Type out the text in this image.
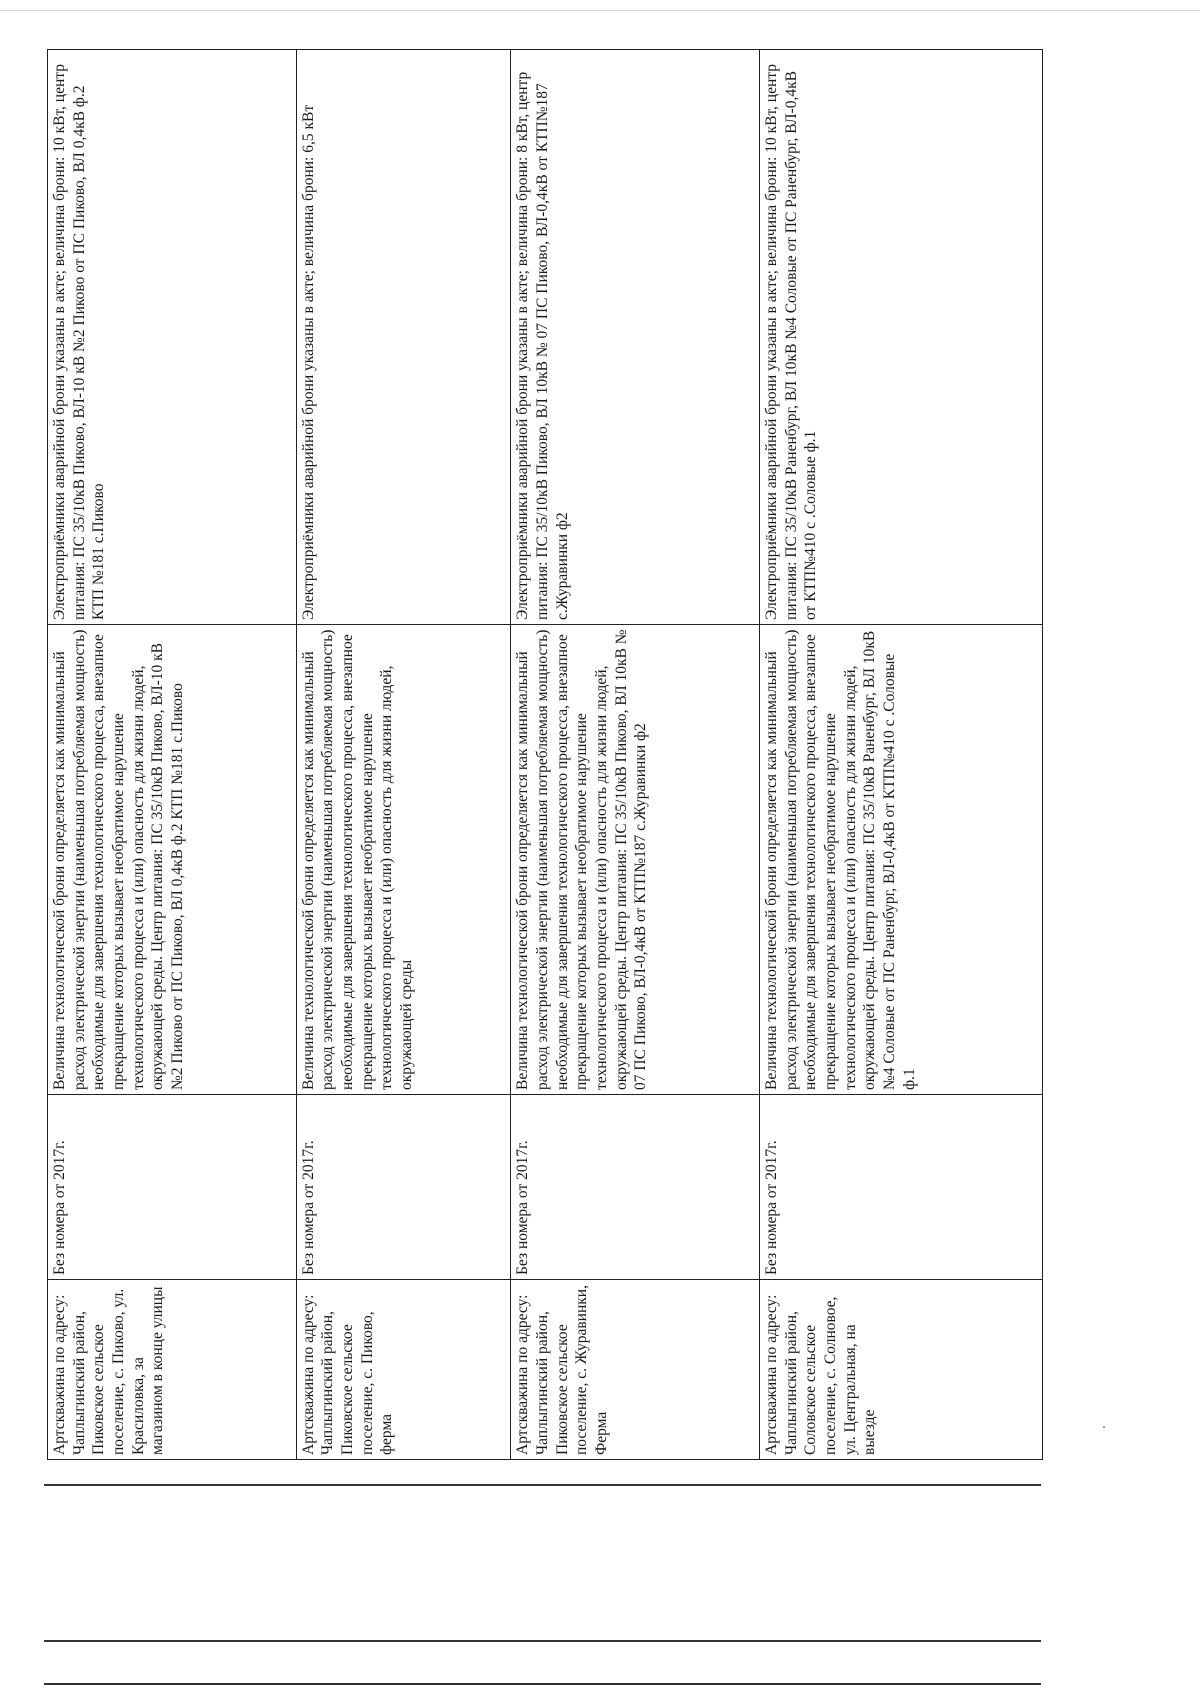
Артскважина по адресу: Чаплыгинский район, Пиковское сельское поселение, с. Пиково, ул. Красиловка, за магазином в конце улицы	Без номера от 2017г.	Величина технологической брони определяется как минимальный расход электрической энергии (наименьшая потребляемая мощность) необходимые для завершения технологического процесса, внезапное прекращение которых вызывает необратимое нарушение технологического процесса и (или) опасность для жизни людей, окружающей среды. Центр питания: ПС 35/10кВ Пиково, ВЛ-10 кВ №2 Пиково от ПС Пиково, ВЛ 0,4кВ ф.2 КТП №181 с.Пиково	Электроприёмники аварийной брони указаны в акте; величина брони: 10 кВт, центр питания: ПС 35/10кВ Пиково, ВЛ-10 кВ №2 Пиково от ПС Пиково, ВЛ 0,4кВ ф.2 КТП №181 с.Пиково
Артскважина по адресу: Чаплыгинский район, Пиковское сельское поселение, с. Пиково, ферма	Без номера от 2017г.	Величина технологической брони определяется как минимальный расход электрической энергии (наименьшая потребляемая мощность) необходимые для завершения технологического процесса, внезапное прекращение которых вызывает необратимое нарушение технологического процесса и (или) опасность для жизни людей, окружающей среды	Электроприёмники аварийной брони указаны в акте; величина брони: 6,5 кВт
Артскважина по адресу: Чаплыгинский район, Пиковское сельское поселение, с. Журавинки, Ферма	Без номера от 2017г.	Величина технологической брони определяется как минимальный расход электрической энергии (наименьшая потребляемая мощность) необходимые для завершения технологического процесса, внезапное прекращение которых вызывает необратимое нарушение технологического процесса и (или) опасность для жизни людей, окружающей среды. Центр питания: ПС 35/10кВ Пиково, ВЛ 10кВ № 07 ПС Пиково, ВЛ-0,4кВ от КТП№187 с.Журавинки ф2	Электроприёмники аварийной брони указаны в акте; величина брони: 8 кВт, центр питания: ПС 35/10кВ Пиково, ВЛ 10кВ № 07 ПС Пиково, ВЛ-0,4кВ от КТП№187 с.Журавинки ф2
Артскважина по адресу: Чаплыгинский район, Соловское сельское поселение, с. Солновое, ул. Центральная, на выезде	Без номера от 2017г.	Величина технологической брони определяется как минимальный расход электрической энергии (наименьшая потребляемая мощность) необходимые для завершения технологического процесса, внезапное прекращение которых вызывает необратимое нарушение технологического процесса и (или) опасность для жизни людей, окружающей среды. Центр питания: ПС 35/10кВ Раненбург, ВЛ 10кВ №4 Соловые от ПС Раненбург, ВЛ-0,4кВ от КТП№410 с .Соловые ф.1	Электроприёмники аварийной брони указаны в акте; величина брони: 10 кВт, центр питания: ПС 35/10кВ Раненбург, ВЛ 10кВ №4 Соловые от ПС Раненбург, ВЛ-0,4кВ от КТП№410 с .Соловые ф.1
